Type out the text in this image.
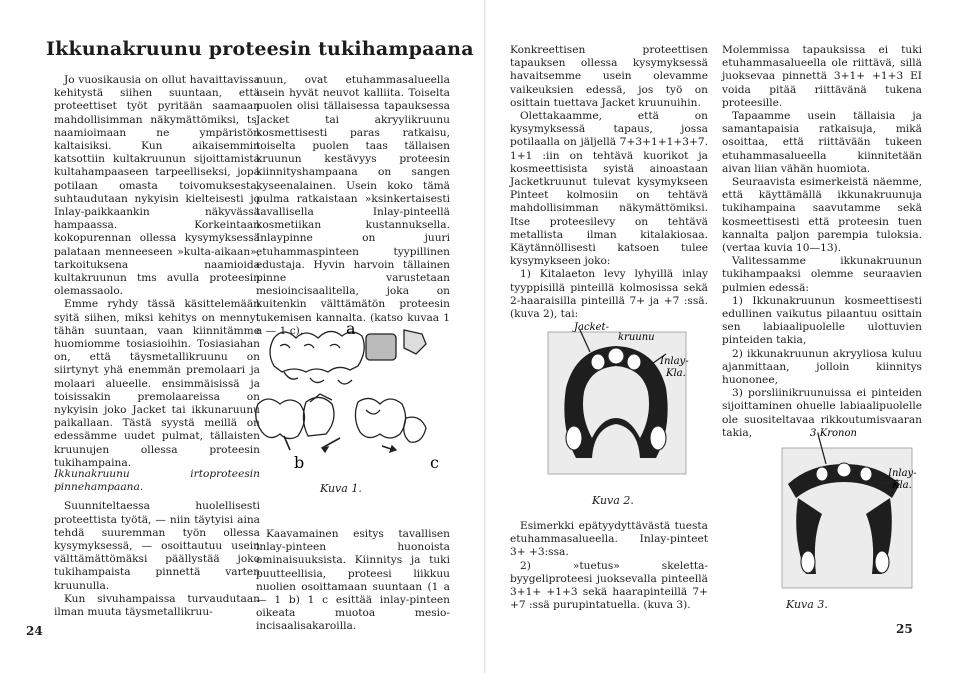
Ikkunakruunu proteesin tukihampaana

Jo vuosikausia on ollut havaittavissa kehitystä siihen suuntaan, että proteettiset työt pyritään saamaan mahdollisimman näkymättömiksi, ts. naamioimaan ne ympäristön kaltaisiksi. Kun aikaisemmin katsottiin kultakruunun sijoittamista kultahampaaseen tarpeelliseksi, jopa potilaan omasta toivomuksesta, suhtaudutaan nykyisin kielteisesti jo Inlay-paikkaankin näkyvässä hampaassa. Korkeintaan kokopurennan ollessa kysymyksessä palataan menneeseen »kulta-aikaan», tarkoituksena naamioida kultakruunun tms avulla proteesin olemassaolo.

Emme ryhdy tässä käsittelemään syitä siihen, miksi kehitys on mennyt tähän suuntaan, vaan kiinnitämme huomiomme tosiasioihin. Tosiasiahan on, että täysmetallikruunu on siirtynyt yhä enemmän premolaari ja molaari alueelle. ensimmäisissä ja toisissakin premolaareissa on nykyisin joko Jacket tai ikkunaruunu paikallaan. Tästä syystä meillä on edessämme uudet pulmat, tällaisten kruunujen ollessa proteesin tukihampaina.

nuun, ovat etuhammasalueella usein hyvät neuvot kalliita. Toiselta puolen olisi tällaisessa tapauksessa Jacket tai akryylikruunu kosmettisesti paras ratkaisu, toiselta puolen taas tällaisen kruunun kestävyys proteesin kiinnityshampaana on sangen kyseenalainen. Usein koko tämä pulma ratkaistaan »ksinkertaisesti tavallisella Inlay-pinteellä kosmetiikan kustannuksella. Inlaypinne on juuri etuhammaspinteen tyypillinen edustaja. Hyvin harvoin tällainen pinne varustetaan mesioincisaalitella, joka on kuitenkin välttämätön proteesin tukemisen kannalta. (katso kuvaa 1 a — 1 c).	a
b	c

Ikkunakruunu irtoproteesin pinnehampaana.

Suunniteltaessa huolellisesti proteettista työtä, — niin täytyisi aina tehdä suuremman työn ollessa kysymyksessä, — osoittautuu usein välttämättömäksi päällystää joko tukihampaista pinnettä varten kruunulla.

Kun sivuhampaissa turvaudutaan ilman muuta täysmetallikruu-

Kuva 1.

Kaavamainen esitys tavallisen inlay-pinteen huonoista ominaisuuksista. Kiinnitys ja tuki puutteellisia, proteesi liikkuu nuolien osoittamaan suuntaan (1 a — 1 b) 1 c esittää inlay-pinteen oikeata muotoa mesio-incisaalisakaroilla.

24

Konkreettisen proteettisen tapauksen ollessa kysymyksessä havaitsemme usein olevamme vaikeuksien edessä, jos työ on osittain tuettava Jacket kruunuihin.

Olettakaamme, että on kysymyksessä tapaus, jossa potilaalla on jäljellä 7+3+1+1+3+7. 1+1 :iin on tehtävä kuorikot ja kosmeettisista syistä ainoastaan Jacketkruunut tulevat kysymykseen Pinteet kolmosiin on tehtävä mahdollisimman näkymättömiksi. Itse proteesilevy on tehtävä metallista ilman kitalakiosaa. Käytännöllisesti katsoen tulee kysymykseen joko:

1) Kitalaeton levy lyhyillä inlay tyyppisillä pinteillä kolmosissa sekä 2-haaraisilla pinteillä 7+ ja +7 :ssä. (kuva 2), tai:

Jacket-
kruunu
Inlay-
Kla.
Kuva 2.

Esimerkki epätyydyttävästä tuesta etuhammasalueella. Inlay-pinteet 3+ +3:ssa.

2) »tuetus» skeletta-byygeliproteesi juoksevalla pinteellä 3+1+ +1+3 sekä haarapinteillä 7+ +7 :ssä purupintatuella. (kuva 3).

Molemmissa tapauksissa ei tuki etuhammasalueella ole riittävä, sillä juoksevaa pinnettä 3+1+ +1+3 EI voida pitää riittävänä tukena proteesille.

Tapaamme usein tällaisia ja samantapaisia ratkaisuja, mikä osoittaa, että riittävään tukeen etuhammasalueella kiinnitetään aivan liian vähän huomiota.

Seuraavista esimerkeistä näemme, että käyttämällä ikkunakruunuja tukihampaina saavutamme sekä kosmeettisesti että proteesin tuen kannalta paljon parempia tuloksia. (vertaa kuvia 10—13).

Valitessamme ikkunakruunun tukihampaaksi olemme seuraavien pulmien edessä:

1) Ikkunakruunun kosmeettisesti edullinen vaikutus pilaantuu osittain sen labiaalipuolelle ulottuvien pinteiden takia,

2) ikkunakruunun akryyliosa kuluu ajanmittaan, jolloin kiinnitys huononee,

3) porsliinikruunuissa ei pinteiden sijoittaminen ohuelle labiaalipuolelle ole suositeltavaa rikkoutumisvaaran takia,	3-Kronon
Inlay-
Kla.
Kuva 3.
25
